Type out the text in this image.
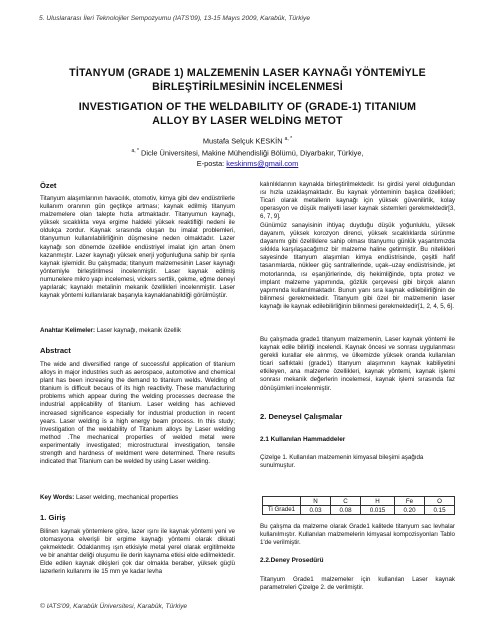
5. Uluslararası İleri Teknolojiler Sempozyumu (IATS'09), 13-15 Mayıs 2009, Karabük, Türkiye
TİTANYUM (GRADE 1) MALZEMENİN LASER KAYNAĞI YÖNTEMİYLE
BİRLEŞTİRİLMESİNİN İNCELENMESİ
INVESTIGATION OF THE WELDABILITY OF (GRADE-1) TITANIUM
ALLOY BY LASER WELDİNG METOT
Mustafa Selçuk KESKİN $^{a, *}$
$^{a, *}$ Dicle Üniversitesi, Makine Mühendisliği Bölümü, Diyarbakır, Türkiye,
E-posta: keskinms@gmail.com
Özet
Titanyum alaşımlarının havacılık, otomotiv, kimya gibi dev endüstrilerle kullanım oranının gün geçtikçe artması; kaynak edilmiş titanyum malzemelere olan talepte hızla artmaktadır. Titanyumun kaynağı, yüksek sıcaklıkta veya ergime haldeki yüksek reaktifliği nedeni ile oldukça zordur. Kaynak sırasında oluşan bu imalat problemleri, titanyumun kullanılabilirliğinin düşmesine neden olmaktadır. Lazer kaynağı son dönemde özellikle endüstriyel imalat için artan önem kazanmıştır. Lazer kaynağı yüksek enerji yoğunluğuna sahip bir ışınla kaynak işlemidir. Bu çalışmada; titanyum malzemesinin Laser kaynağı yöntemiyle birleştirilmesi incelenmiştir. Laser kaynak edilmiş numunelere mikro yapı incelemesi, vickers sertlik, çekme, eğme deneyi yapılarak; kaynaklı metalinin mekanik özellikleri incelenmiştir. Laser kaynak yöntemi kullanılarak başarıyla kaynaklanabildiği görülmüştür.
Anahtar Kelimeler: Laser kaynağı, mekanik özellik
Abstract
The wide and diversified range of successful application of titanium alloys in major industries such as aerospace, automotive and chemical plant has been increasing the demand to titanium welds. Welding of titanium is difficult becaus of its high reactivity. These manufacturing problems which appear during the welding processes decrease the industrial applicability of titanium. Laser welding has achieved increased significance especially for industrial production in recent years. Laser welding is a high energy beam process. In this study; Investigation of the weldability of Titanium alloys by Laser welding method .The mechanical properties of welded metal were experimentally investigated; microstructural investigation, tensile strength and hardness of weldment were determined. There results indicated that Titanium can be welded by using Laser welding.
Key Words: Laser welding, mechanical properties
1. Giriş
Bilinen kaynak yöntemlere göre, lazer ışını ile kaynak yöntemi yeni ve otomasyona elverişli bir ergime kaynağı yöntemi olarak dikkati çekmektedir. Odaklanmış ışın etkisiyle metal yerel olarak ergitilmekte ve bir anahtar deliği oluşumu ile derin kaynama etkisi elde edilmektedir. Elde edilen kaynak dikişleri çok dar olmakla beraber, yüksek güçlü lazerlerin kullanımı ile 15 mm ye kadar levha
kalınlıklarının kaynakla birleştirilmektedir. Isı girdisi yerel olduğundan ısı hızla uzaklaşmaktadır. Bu kaynak yönteminin başlıca özellikleri; Ticari olarak metallerin kaynağı için yüksek güvenilirlik, kolay operasyon ve düşük maliyetli laser kaynak sistemleri gerekmektedir[3, 6, 7, 9].
Günümüz sanayisinin ihtiyaç duyduğu düşük yoğunluklu, yüksek dayanım, yüksek korozyon direnci, yüksek sıcaklıklarda sürünme dayanımı gibi özelliklere sahip olması titanyumu günlük yaşantımızda sıklıkla karşılaşacağımız bir malzeme haline getirmiştir. Bu nitelikleri sayesinde titanyum alaşımları kimya endüstrisinde, çeşitli hafif tasarımlarda, nükleer güç santrallerinde, uçak–uzay endüstrisinde, jet motorlarında, ısı eşanjörlerinde, diş hekimliğinde, tıpta protez ve implant malzeme yapımında, gözlük çerçevesi gibi birçok alanın yapımında kullanılmaktadır. Bunun yanı sıra kaynak edilebilirliğinin de bilinmesi gerekmektedir. Titanyum gibi özel bir malzemenin laser kaynağı ile kaynak edilebilirliğinin bilinmesi gerekmektedir[1, 2, 4, 5, 6].
Bu çalışmada grade1 titanyum malzemenin, Laser kaynak yöntemi ile kaynak edile bilirliği incelendi. Kaynak öncesi ve sonrası uygulanması gerekli kurallar ele alınmış, ve ülkemizde yüksek oranda kullanılan ticari saflıktaki (grade1) titanyum alaşımının kaynak kabiliyetini etkileyen, ana malzeme özellikleri, kaynak yöntemi, kaynak işlemi sonrası mekanik değerlerin incelemesi, kaynak işlemi sırasında faz dönüşümleri incelenmiştir.
2. Deneysel Çalışmalar
2.1 Kullanılan Hammaddeler
Çizelge 1. Kullanılan malzemenin kimyasal bileşimi aşağıda sunulmuştur.
	N	C	H	Fe	O
Ti Grade1	0.03	0.08	0.015	0.20	0.15
Bu çalışma da malzeme olarak Grade1 kalitede titanyum sac levhalar kullanılmıştır. Kullanılan malzemelerin kimyasal kompozisyonları Tablo 1'de verilmiştir.
2.2.Deney Prosedürü
Titanyum Grade1 malzemeler için kullanılan Laser kaynak parametreleri Çizelge 2. de verilmiştir.
© IATS'09, Karabük Üniversitesi, Karabük, Türkiye
